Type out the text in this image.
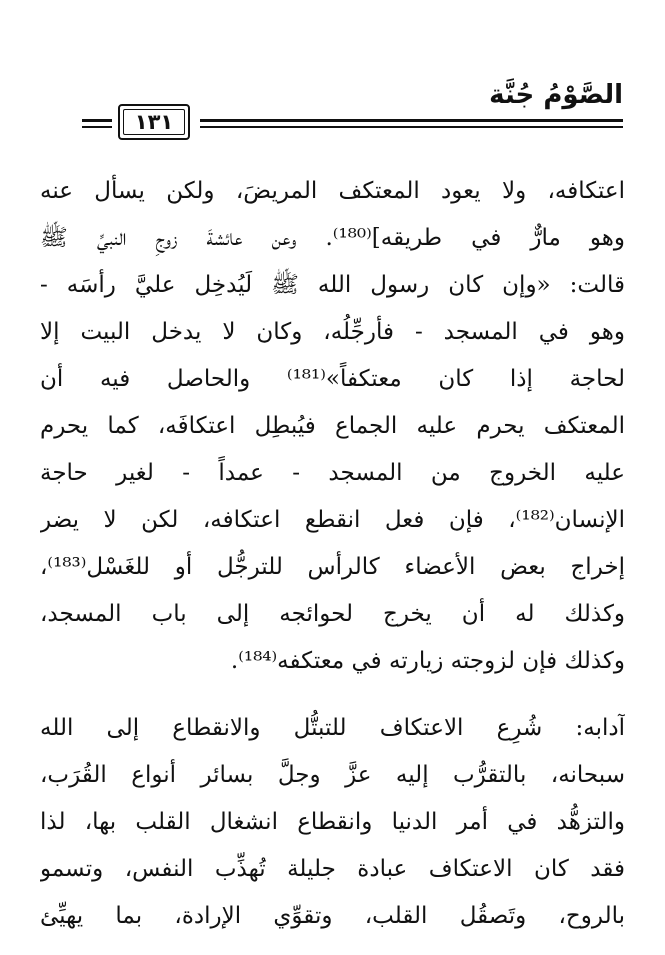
الصَّوْمُ جُنَّة
١٣١
اعتكافه، ولا يعود المعتكف المريضَ، ولكن يسأل عنه
وهو مارٌّ في طريقه]⁽¹⁸⁰⁾. وعن عائشةَ زوجِ النبيِّ ﷺ
قالت: «وإن كان رسول الله ﷺ لَيُدخِل عليَّ رأسَه -
وهو في المسجد - فأرجِّلُه، وكان لا يدخل البيت إلا
لحاجة إذا كان معتكفاً»⁽¹⁸¹⁾ والحاصل فيه أن
المعتكف يحرم عليه الجماع فيُبطِل اعتكافَه، كما يحرم
عليه الخروج من المسجد - عمداً - لغير حاجة
الإنسان⁽¹⁸²⁾، فإن فعل انقطع اعتكافه، لكن لا يضر
إخراج بعض الأعضاء كالرأس للترجُّل أو للغَسْل⁽¹⁸³⁾،
وكذلك له أن يخرج لحوائجه إلى باب المسجد،
وكذلك فإن لزوجته زيارته في معتكفه⁽¹⁸⁴⁾.
آدابه: شُرِع الاعتكاف للتبتُّل والانقطاع إلى الله
سبحانه، بالتقرُّب إليه عزَّ وجلَّ بسائر أنواع القُرَب،
والتزهُّد في أمر الدنيا وانقطاع انشغال القلب بها، لذا
فقد كان الاعتكاف عبادة جليلة تُهذِّب النفس، وتسمو
بالروح، وتَصقُل القلب، وتقوِّي الإرادة، بما يهيِّئ
